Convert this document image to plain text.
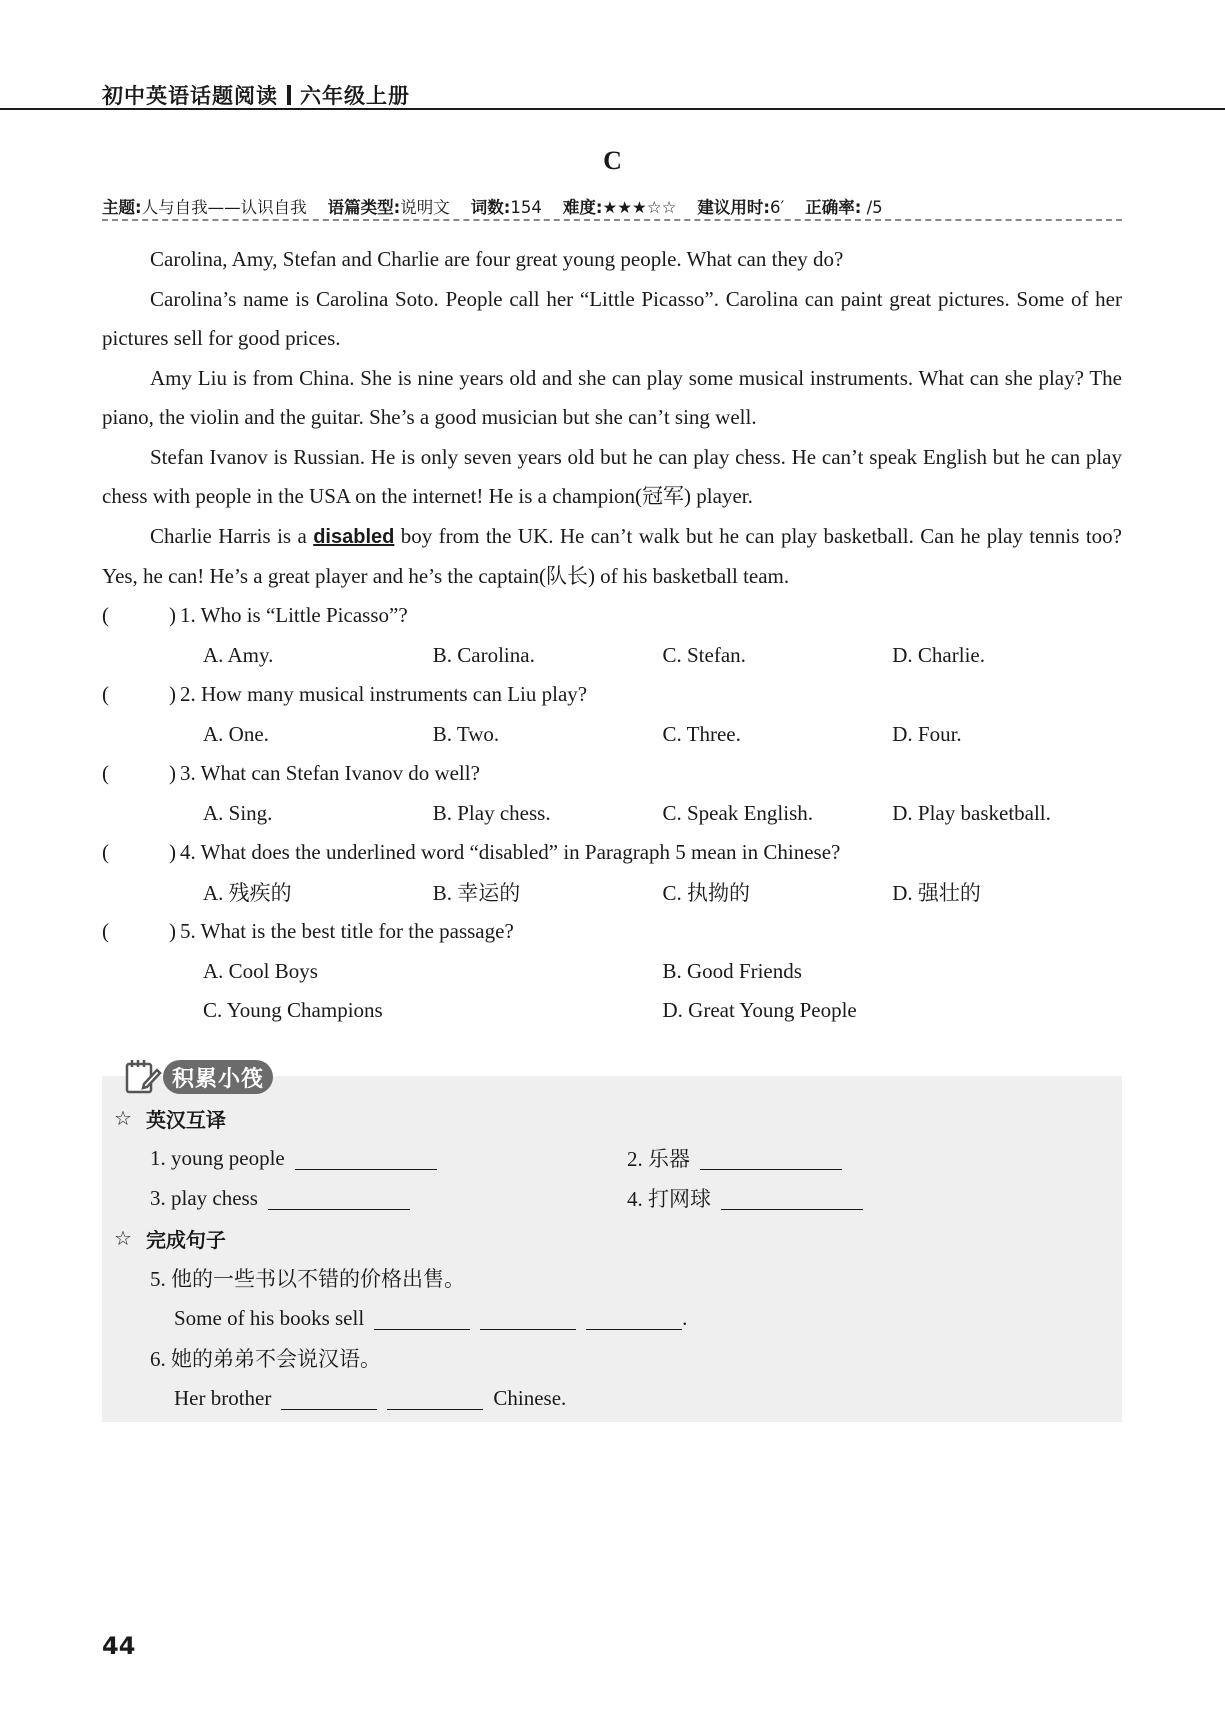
初中英语话题阅读 六年级上册
C
主题:人与自我——认识自我 语篇类型:说明文 词数:154 难度:★★★☆☆ 建议用时:6′ 正确率: /5

Carolina, Amy, Stefan and Charlie are four great young people. What can they do?

Carolina’s name is Carolina Soto. People call her “Little Picasso”. Carolina can paint great pictures. Some of her pictures sell for good prices.

Amy Liu is from China. She is nine years old and she can play some musical instruments. What can she play? The piano, the violin and the guitar. She’s a good musician but she can’t sing well.

Stefan Ivanov is Russian. He is only seven years old but he can play chess. He can’t speak English but he can play chess with people in the USA on the internet! He is a champion(冠军) player.

Charlie Harris is a disabled boy from the UK. He can’t walk but he can play basketball. Can he play tennis too? Yes, he can! He’s a great player and he’s the captain(队长) of his basketball team.

(	) 1. Who is “Little Picasso”?
A. Amy.	B. Carolina.	C. Stefan.	D. Charlie.
(	) 2. How many musical instruments can Liu play?
A. One.	B. Two.	C. Three.	D. Four.
(	) 3. What can Stefan Ivanov do well?
A. Sing.	B. Play chess.	C. Speak English.	D. Play basketball.
(	) 4. What does the underlined word “disabled” in Paragraph 5 mean in Chinese?
A. 残疾的	B. 幸运的	C. 执拗的	D. 强壮的
(	) 5. What is the best title for the passage?
A. Cool Boys	B. Good Friends
C. Young Champions	D. Great Young People
积累小筏
☆ 英汉互译
1. young people	2. 乐器
3. play chess	4. 打网球
☆ 完成句子
5. 他的一些书以不错的价格出售。
Some of his books sell	.
6. 她的弟弟不会说汉语。
Her brother	Chinese.
44
